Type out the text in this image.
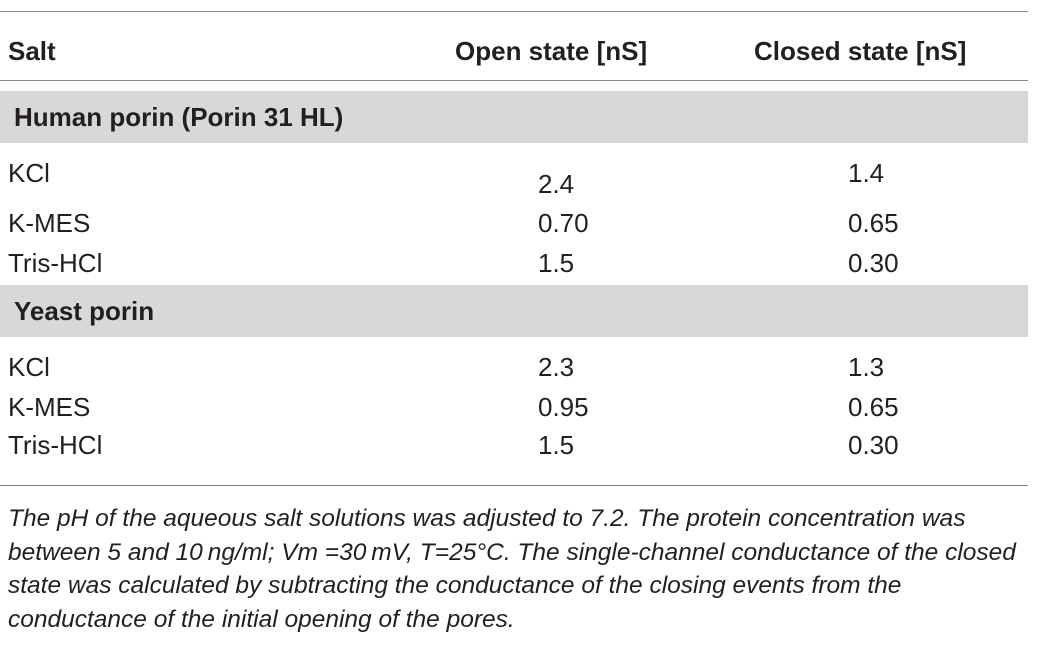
Salt	Open state [nS]	Closed state [nS]
Human porin (Porin 31 HL)
KCl	2.4	1.4
K-MES	0.70	0.65
Tris-HCl	1.5	0.30
Yeast porin
KCl	2.3	1.3
K-MES	0.95	0.65
Tris-HCl	1.5	0.30

The pH of the aqueous salt solutions was adjusted to 7.2. The protein concentration was between 5 and 10 ng/ml; Vm =30 mV, T=25°C. The single-channel conductance of the closed state was calculated by subtracting the conductance of the closing events from the conductance of the initial opening of the pores.
